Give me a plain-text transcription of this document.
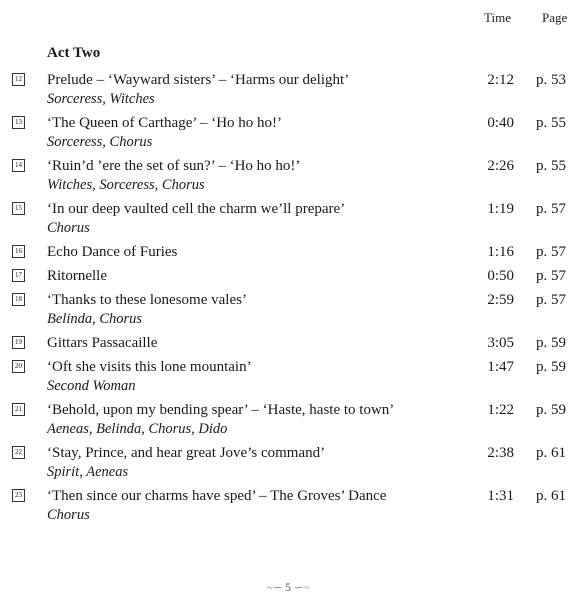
Time Page
Act Two
12 Prelude – ‘Wayward sisters’ – ‘Harms our delight’
Sorceress, Witches
2:12 p. 53
13 ‘The Queen of Carthage’ – ‘Ho ho ho!’
Sorceress, Chorus
0:40 p. 55
14 ‘Ruin’d ’ere the set of sun?’ – ‘Ho ho ho!’
Witches, Sorceress, Chorus
2:26 p. 55
15 ‘In our deep vaulted cell the charm we’ll prepare’
Chorus
1:19 p. 57
16 Echo Dance of Furies	1:16 p. 57
17 Ritornelle	0:50 p. 57
18 ‘Thanks to these lonesome vales’
Belinda, Chorus
2:59 p. 57
19 Gittars Passacaille	3:05 p. 59
20 ‘Oft she visits this lone mountain’
Second Woman
1:47 p. 59
21 ‘Behold, upon my bending spear’ – ‘Haste, haste to town’
Aeneas, Belinda, Chorus, Dido
1:22 p. 59
22 ‘Stay, Prince, and hear great Jove’s command’
Spirit, Aeneas
2:38 p. 61
23 ‘Then since our charms have sped’ – The Groves’ Dance
Chorus
1:31 p. 61
~∽ 5 ∽~
